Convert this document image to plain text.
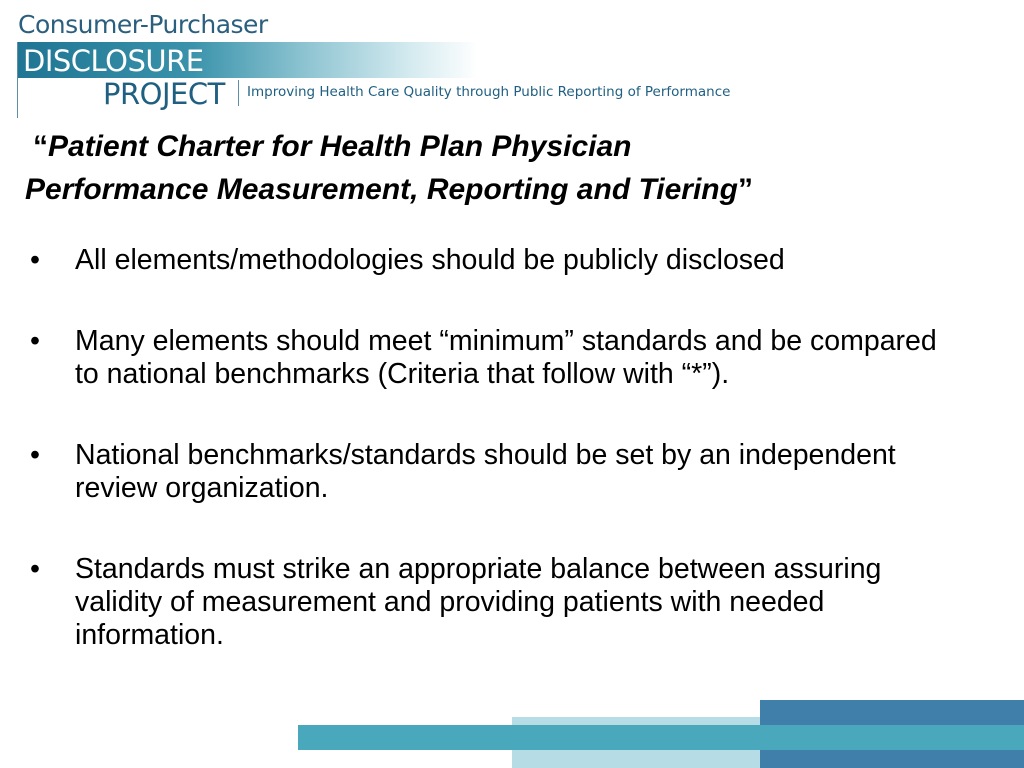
Consumer-Purchaser
DISCLOSURE
PROJECT Improving Health Care Quality through Public Reporting of Performance
“Patient Charter for Health Plan Physician
Performance Measurement, Reporting and Tiering”
• All elements/methodologies should be publicly disclosed
• Many elements should meet “minimum” standards and be compared to national benchmarks (Criteria that follow with “*”).
• National benchmarks/standards should be set by an independent review organization.
• Standards must strike an appropriate balance between assuring validity of measurement and providing patients with needed information.
